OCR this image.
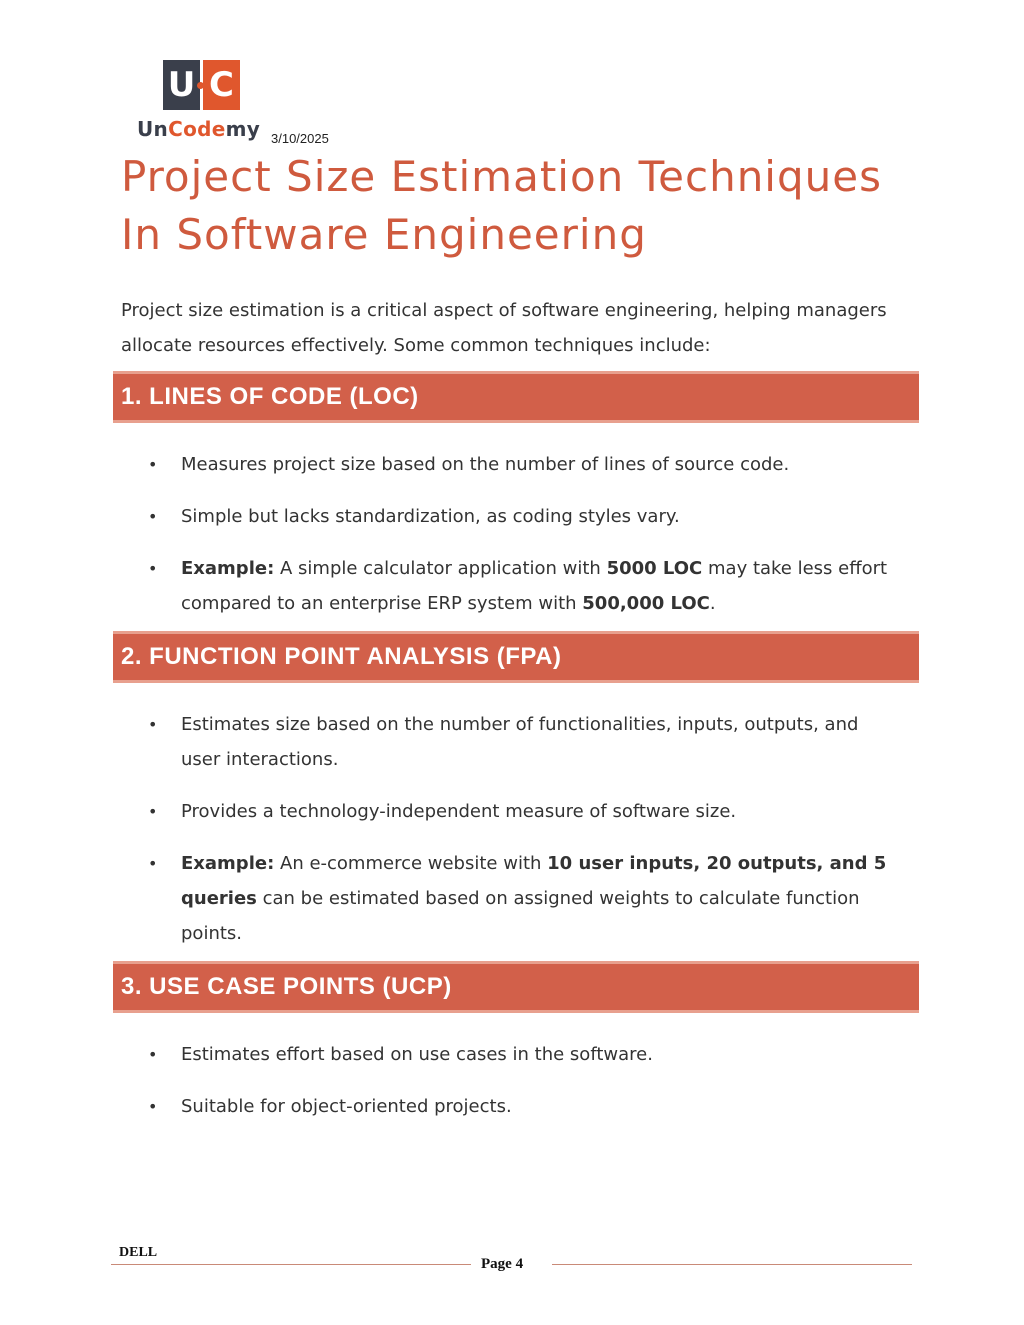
U C
UnCodemy 3/10/2025
Project Size Estimation Techniques
In Software Engineering

Project size estimation is a critical aspect of software engineering, helping managers allocate resources effectively. Some common techniques include:

1. LINES OF CODE (LOC)
• Measures project size based on the number of lines of source code.
• Simple but lacks standardization, as coding styles vary.
• Example: A simple calculator application with 5000 LOC may take less effort compared to an enterprise ERP system with 500,000 LOC.
2. FUNCTION POINT ANALYSIS (FPA)
• Estimates size based on the number of functionalities, inputs, outputs, and user interactions.
• Provides a technology-independent measure of software size.
• Example: An e-commerce website with 10 user inputs, 20 outputs, and 5 queries can be estimated based on assigned weights to calculate function points.
3. USE CASE POINTS (UCP)
• Estimates effort based on use cases in the software.
• Suitable for object-oriented projects.
DELL
Page 4
